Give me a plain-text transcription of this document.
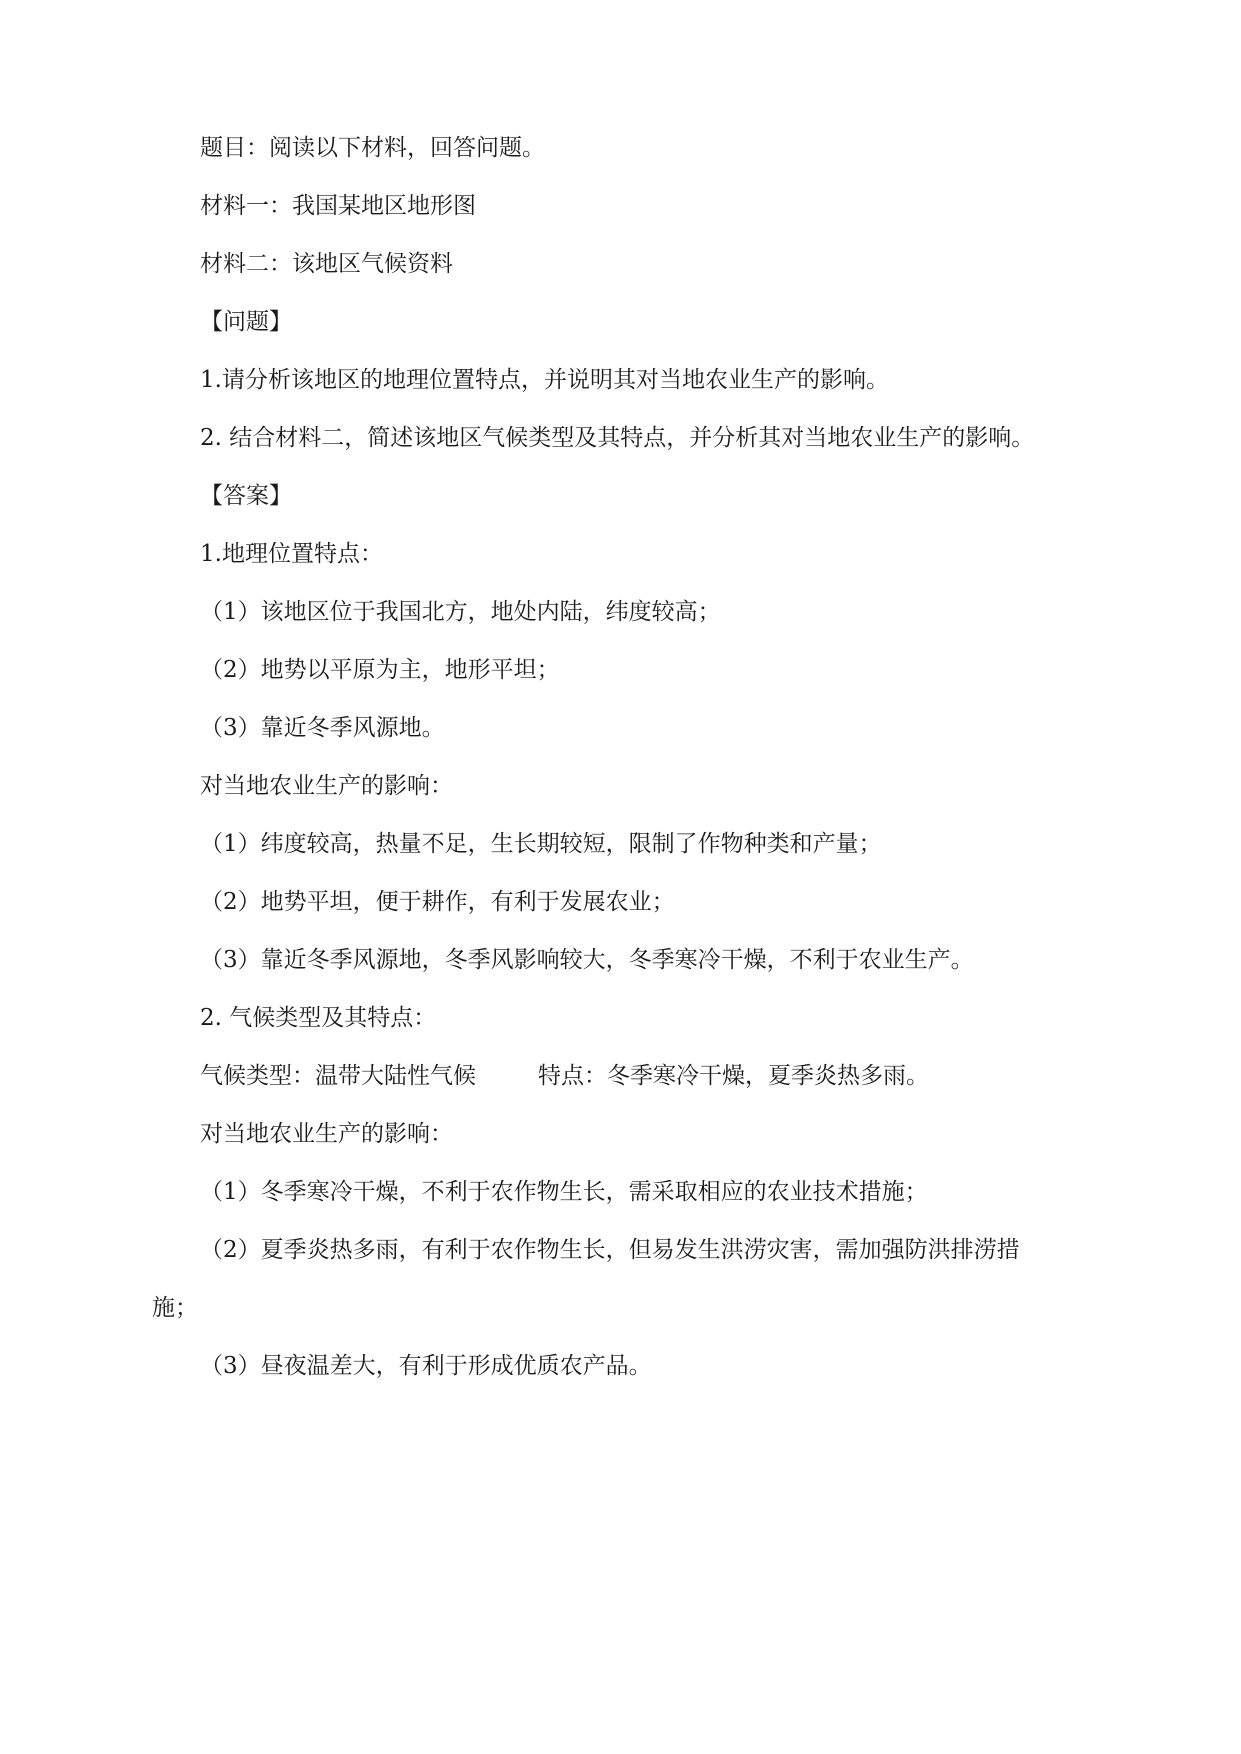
题目：阅读以下材料，回答问题。
材料一：我国某地区地形图
材料二：该地区气候资料
【问题】
1.请分析该地区的地理位置特点，并说明其对当地农业生产的影响。
2. 结合材料二，简述该地区气候类型及其特点，并分析其对当地农业生产的影响。
【答案】
1.地理位置特点：
（1）该地区位于我国北方，地处内陆，纬度较高；
（2）地势以平原为主，地形平坦；
（3）靠近冬季风源地。
对当地农业生产的影响：
（1）纬度较高，热量不足，生长期较短，限制了作物种类和产量；
（2）地势平坦，便于耕作，有利于发展农业；
（3）靠近冬季风源地，冬季风影响较大，冬季寒冷干燥，不利于农业生产。
2. 气候类型及其特点：
气候类型：温带大陆性气候	特点：冬季寒冷干燥，夏季炎热多雨。
对当地农业生产的影响：
（1）冬季寒冷干燥，不利于农作物生长，需采取相应的农业技术措施；
（2）夏季炎热多雨，有利于农作物生长，但易发生洪涝灾害，需加强防洪排涝措
施；
（3）昼夜温差大，有利于形成优质农产品。
